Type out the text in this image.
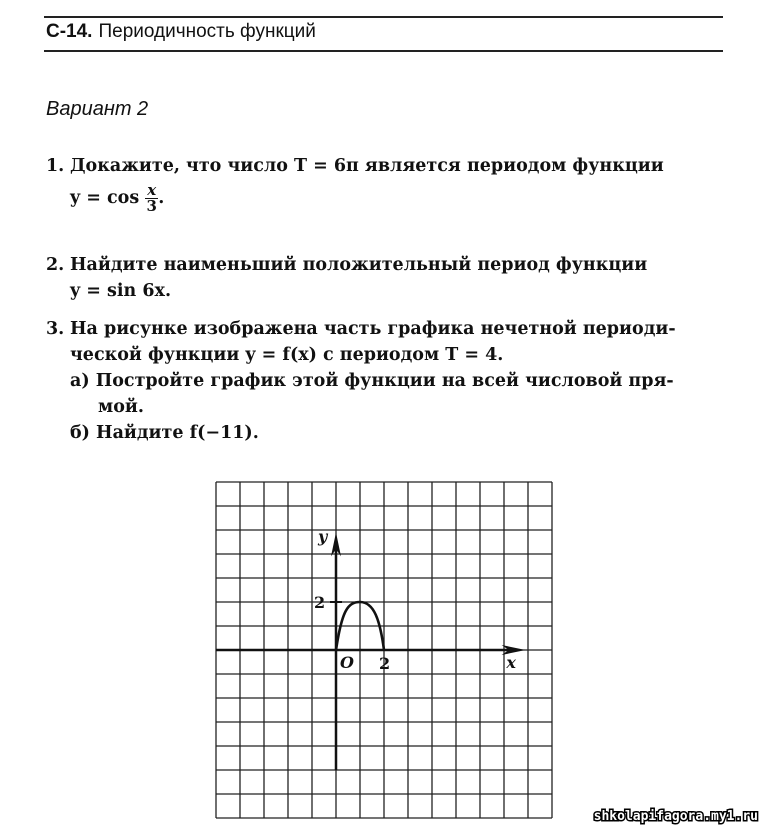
С-14. Периодичность функций
Вариант 2
1. Докажите, что число T = 6π является периодом функции
$y = \cos \frac{x}{3}$ .
2. Найдите наименьший положительный период функции
y = sin 6x.
3. На рисунке изображена часть графика нечетной периоди-
ческой функции y = f(x) с периодом T = 4.
а) Постройте график этой функции на всей числовой пря-
мой.
б) Найдите f(−11).
y
x
O 2
2
shkolapifagora.my1.ru
